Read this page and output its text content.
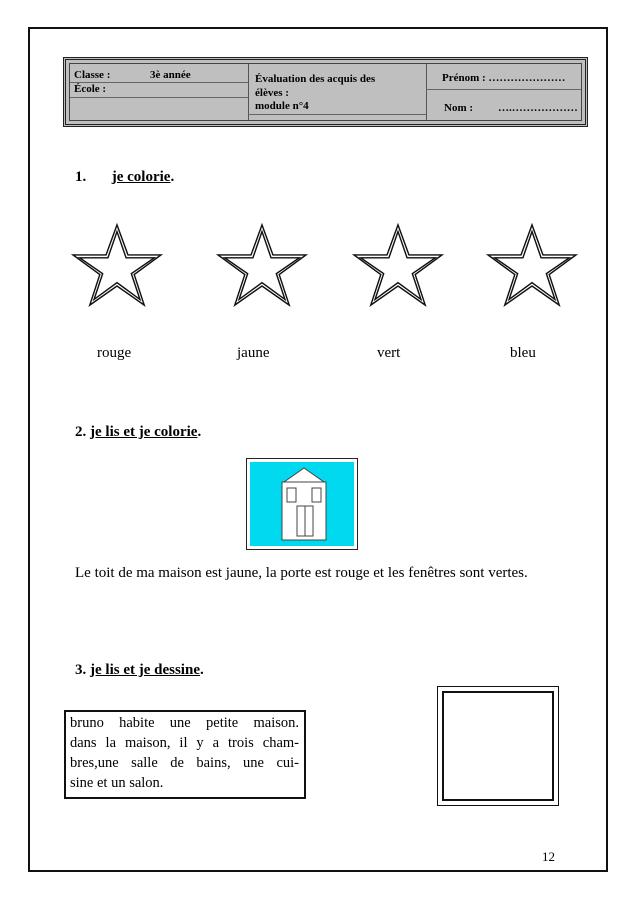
Classe :	3è année
École :
Évaluation des acquis des
élèves :
module n°4
Prénom : …………………
Nom : ….………………
1. je colorie.
rouge	jaune	vert	bleu
2. je lis et je colorie.
Le toit de ma maison est jaune, la porte est rouge et les fenêtres sont vertes.
3. je lis et je dessine.
bruno habite une petite maison.
dans la maison, il y a trois cham-
bres,une salle de bains, une cui-
sine et un salon.
12
